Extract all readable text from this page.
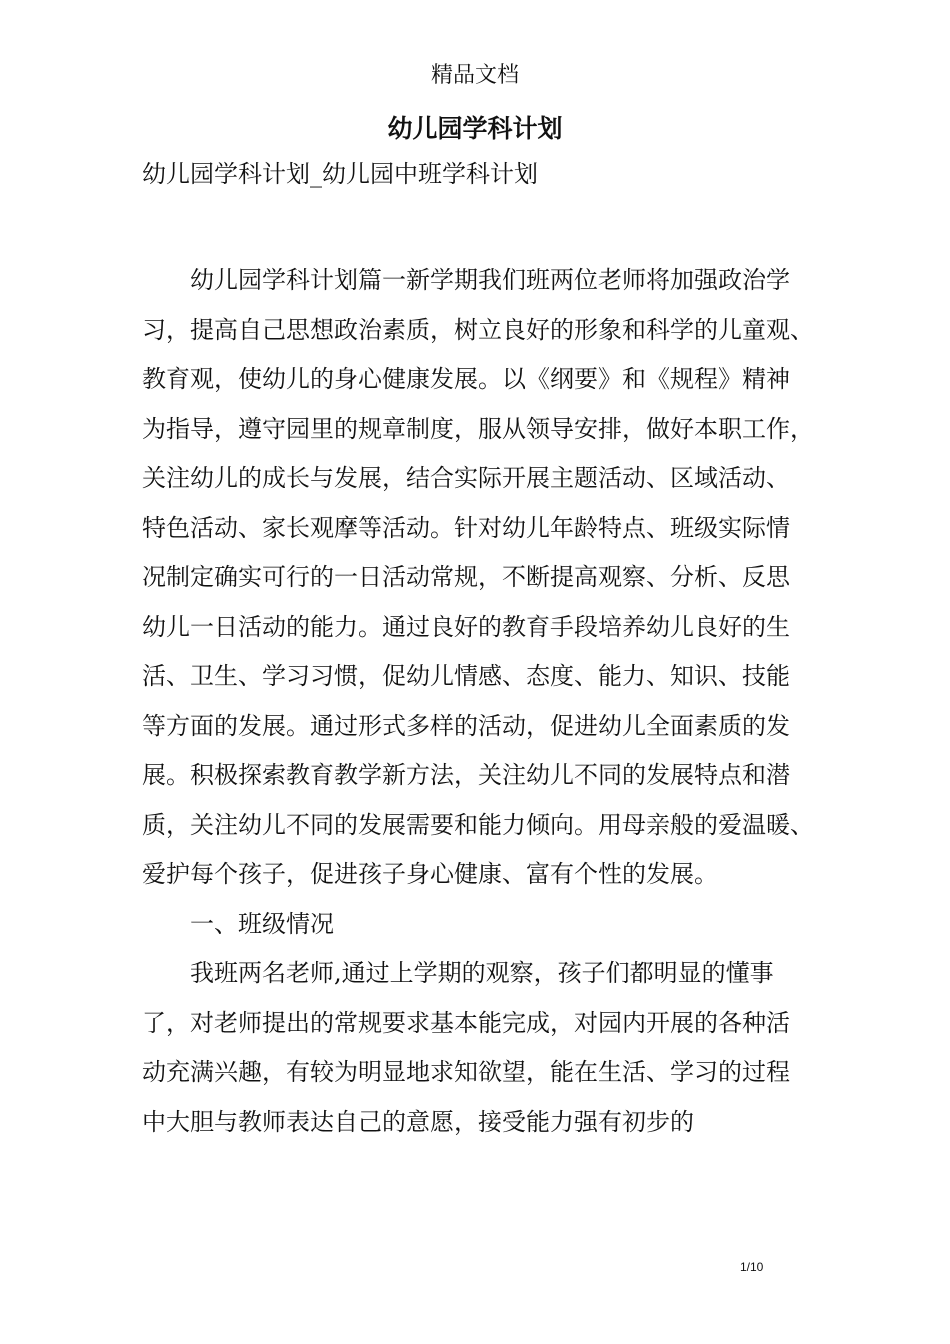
精品文档
幼儿园学科计划
幼儿园学科计划_幼儿园中班学科计划
幼儿园学科计划篇一新学期我们班两位老师将加强政治学
习，提高自己思想政治素质，树立良好的形象和科学的儿童观、
教育观，使幼儿的身心健康发展。以《纲要》和《规程》精神
为指导，遵守园里的规章制度，服从领导安排，做好本职工作，
关注幼儿的成长与发展，结合实际开展主题活动、区域活动、
特色活动、家长观摩等活动。针对幼儿年龄特点、班级实际情
况制定确实可行的一日活动常规，不断提高观察、分析、反思
幼儿一日活动的能力。通过良好的教育手段培养幼儿良好的生
活、卫生、学习习惯，促幼儿情感、态度、能力、知识、技能
等方面的发展。通过形式多样的活动，促进幼儿全面素质的发
展。积极探索教育教学新方法，关注幼儿不同的发展特点和潜
质，关注幼儿不同的发展需要和能力倾向。用母亲般的爱温暖、
爱护每个孩子，促进孩子身心健康、富有个性的发展。
一、班级情况
我班两名老师,通过上学期的观察，孩子们都明显的懂事
了，对老师提出的常规要求基本能完成，对园内开展的各种活
动充满兴趣，有较为明显地求知欲望，能在生活、学习的过程
中大胆与教师表达自己的意愿，接受能力强有初步的
1/10
